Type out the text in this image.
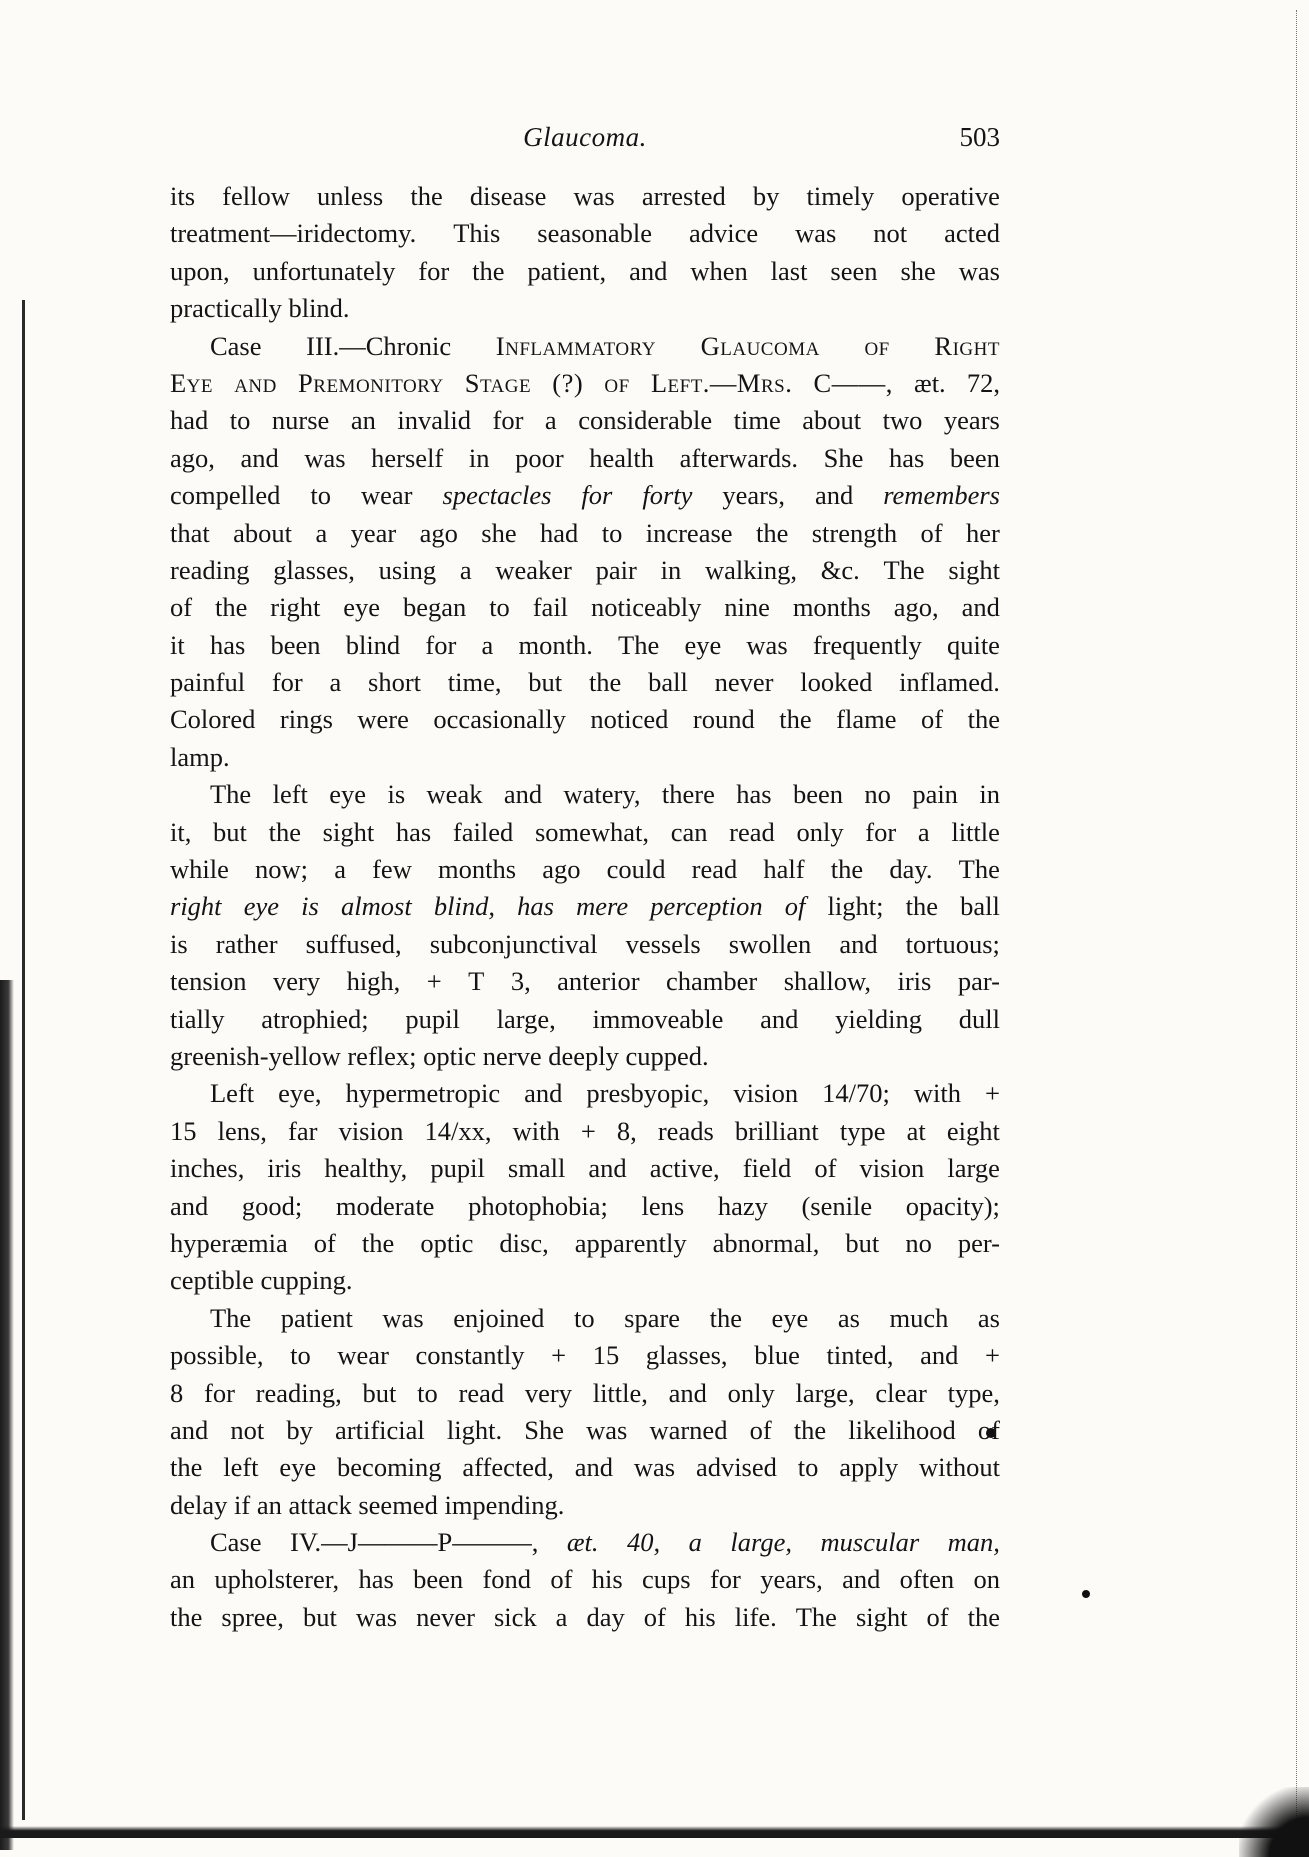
Glaucoma.	503
its fellow unless the disease was arrested by timely operative
treatment—iridectomy. This seasonable advice was not acted
upon, unfortunately for the patient, and when last seen she was
practically blind.
Case III.—Chronic Inflammatory Glaucoma of Right
Eye and Premonitory Stage (?) of Left.—Mrs. C——, æt. 72,
had to nurse an invalid for a considerable time about two years
ago, and was herself in poor health afterwards. She has been
compelled to wear spectacles for forty years, and remembers
that about a year ago she had to increase the strength of her
reading glasses, using a weaker pair in walking, &c. The sight
of the right eye began to fail noticeably nine months ago, and
it has been blind for a month. The eye was frequently quite
painful for a short time, but the ball never looked inflamed.
Colored rings were occasionally noticed round the flame of the
lamp.
The left eye is weak and watery, there has been no pain in
it, but the sight has failed somewhat, can read only for a little
while now; a few months ago could read half the day. The
right eye is almost blind, has mere perception of light; the ball
is rather suffused, subconjunctival vessels swollen and tortuous;
tension very high, + T 3, anterior chamber shallow, iris par-
tially atrophied; pupil large, immoveable and yielding dull
greenish-yellow reflex; optic nerve deeply cupped.
Left eye, hypermetropic and presbyopic, vision 14/70; with +
15 lens, far vision 14/xx, with + 8, reads brilliant type at eight
inches, iris healthy, pupil small and active, field of vision large
and good; moderate photophobia; lens hazy (senile opacity);
hyperæmia of the optic disc, apparently abnormal, but no per-
ceptible cupping.
The patient was enjoined to spare the eye as much as
possible, to wear constantly + 15 glasses, blue tinted, and +
8 for reading, but to read very little, and only large, clear type,
and not by artificial light. She was warned of the likelihood of
the left eye becoming affected, and was advised to apply without
delay if an attack seemed impending.
Case IV.—J———P———, æt. 40, a large, muscular man,
an upholsterer, has been fond of his cups for years, and often on
the spree, but was never sick a day of his life. The sight of the
